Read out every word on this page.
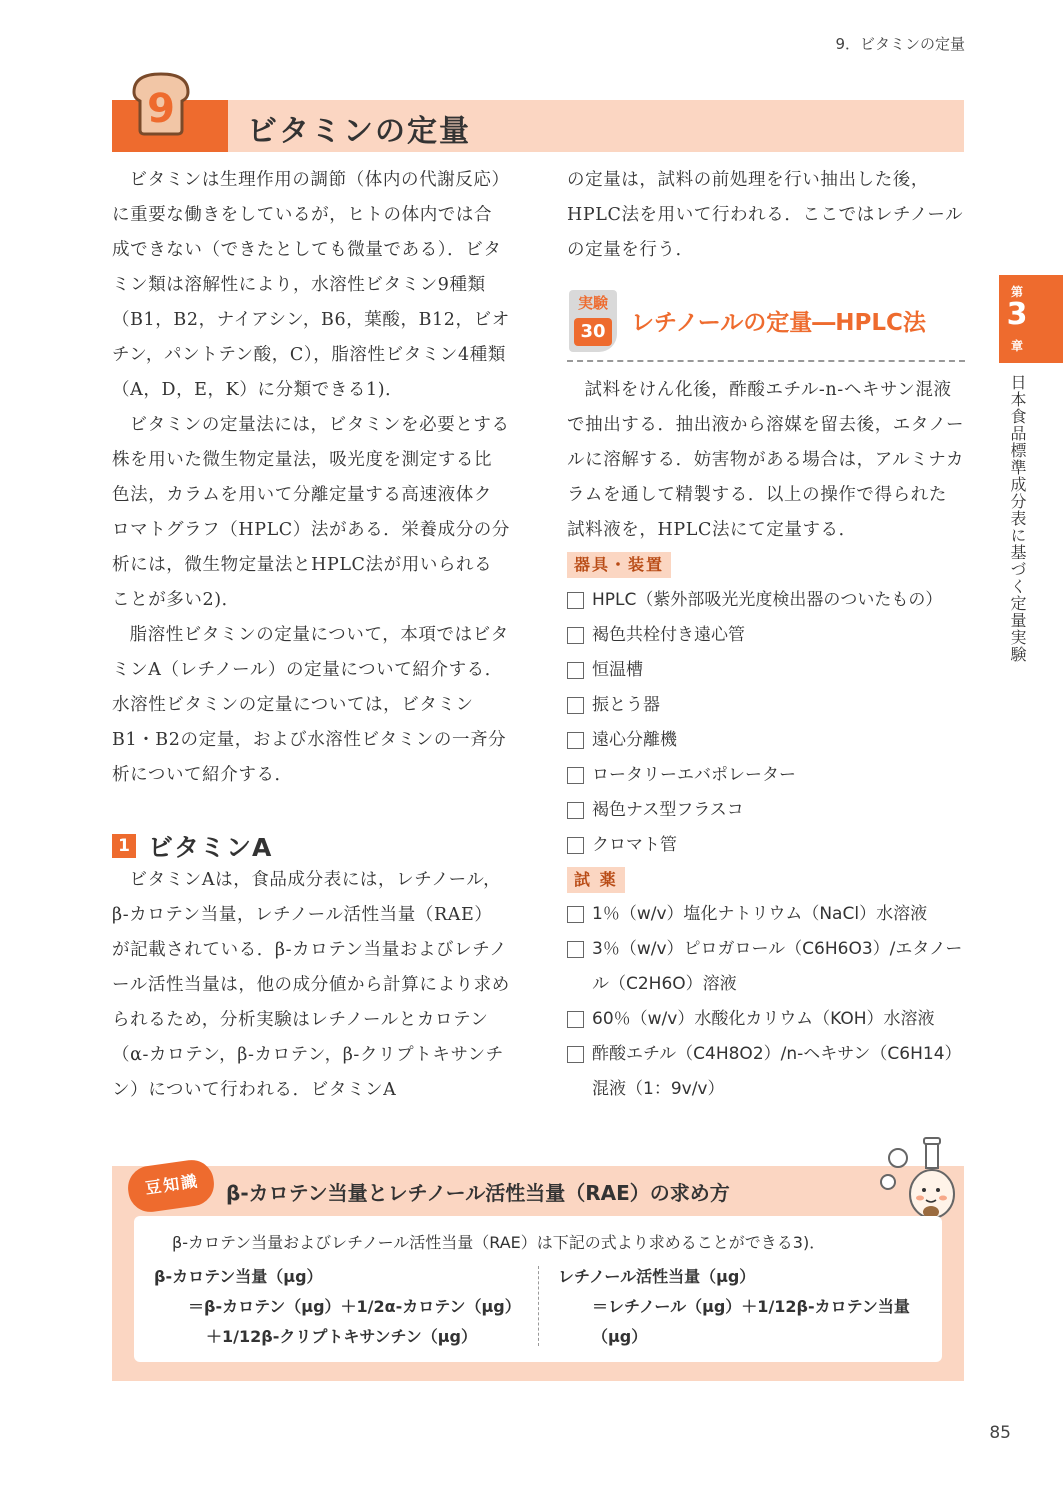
9．ビタミンの定量
9 ビタミンの定量

ビタミンは生理作用の調節（体内の代謝反応）に重要な働きをしているが，ヒトの体内では合成できない（できたとしても微量である）．ビタミン類は溶解性により，水溶性ビタミン9種類（B1，B2，ナイアシン，B6，葉酸，B12，ビオチン，パントテン酸，C），脂溶性ビタミン4種類（A，D，E，K）に分類できる1)．

ビタミンの定量法には，ビタミンを必要とする株を用いた微生物定量法，吸光度を測定する比色法，カラムを用いて分離定量する高速液体クロマトグラフ（HPLC）法がある．栄養成分の分析には，微生物定量法とHPLC法が用いられることが多い2)．

脂溶性ビタミンの定量について，本項ではビタミンA（レチノール）の定量について紹介する．水溶性ビタミンの定量については，ビタミンB1・B2の定量，および水溶性ビタミンの一斉分析について紹介する．

1 ビタミンA

ビタミンAは，食品成分表には，レチノール，β-カロテン当量，レチノール活性当量（RAE）が記載されている．β-カロテン当量およびレチノール活性当量は，他の成分値から計算により求められるため，分析実験はレチノールとカロテン（α-カロテン，β-カロテン，β-クリプトキサンチン）について行われる．ビタミンA

の定量は，試料の前処理を行い抽出した後，HPLC法を用いて行われる．ここではレチノールの定量を行う．

実験
30 レチノールの定量―HPLC法

試料をけん化後，酢酸エチル-n-ヘキサン混液で抽出する．抽出液から溶媒を留去後，エタノールに溶解する．妨害物がある場合は，アルミナカラムを通して精製する．以上の操作で得られた試料液を，HPLC法にて定量する．

器具・装置
HPLC（紫外部吸光光度検出器のついたもの）
褐色共栓付き遠心管
恒温槽
振とう器
遠心分離機
ロータリーエバポレーター
褐色ナス型フラスコ
クロマト管
試 薬
1％（w/v）塩化ナトリウム（NaCl）水溶液
3％（w/v）ピロガロール（C6H6O3）/エタノール（C2H6O）溶液
60％（w/v）水酸化カリウム（KOH）水溶液
酢酸エチル（C4H8O2）/n-ヘキサン（C6H14）混液（1：9v/v）
第
3
章
日本食品標準成分表に基づく定量実験
豆知識	β-カロテン当量とレチノール活性当量（RAE）の求め方
β-カロテン当量およびレチノール活性当量（RAE）は下記の式より求めることができる3)．
β-カロテン当量（μg）
＝β-カロテン（μg）＋1/2α-カロテン（μg）
＋1/12β-クリプトキサンチン（μg）
レチノール活性当量（μg）
＝レチノール（μg）＋1/12β-カロテン当量
（μg）
85
